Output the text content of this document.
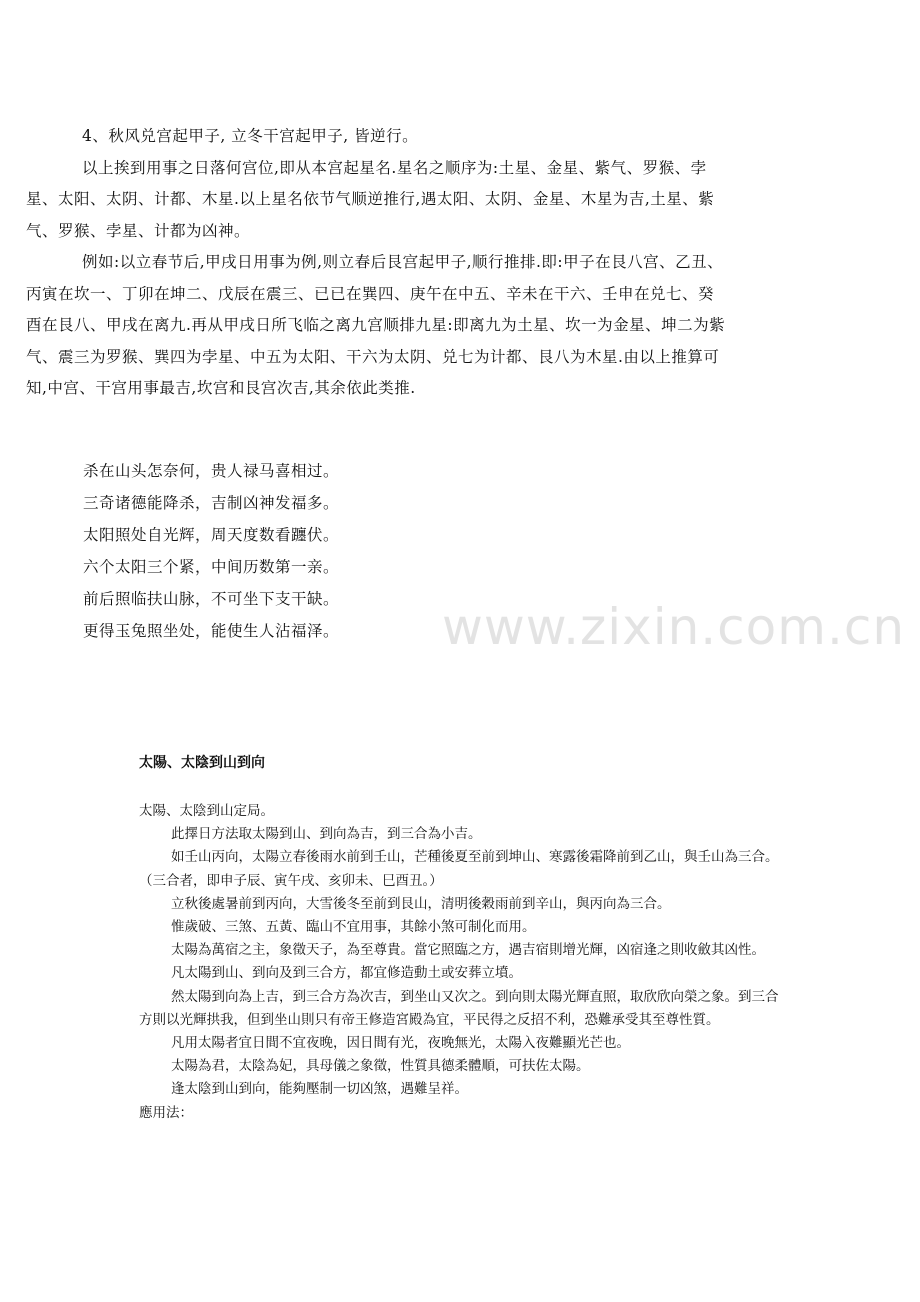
4、秋风兑宫起甲子, 立冬干宫起甲子, 皆逆行。

以上挨到用事之日落何宫位,即从本宫起星名.星名之顺序为:土星、金星、紫气、罗猴、孛星、太阳、太阴、计都、木星.以上星名依节气顺逆推行,遇太阳、太阴、金星、木星为吉,土星、紫气、罗猴、孛星、计都为凶神。

例如:以立春节后,甲戌日用事为例,则立春后艮宫起甲子,顺行推排.即:甲子在艮八宫、乙丑、丙寅在坎一、丁卯在坤二、戊辰在震三、已已在巽四、庚午在中五、辛未在干六、壬申在兑七、癸酉在艮八、甲戌在离九.再从甲戌日所飞临之离九宫顺排九星:即离九为土星、坎一为金星、坤二为紫气、震三为罗猴、巽四为孛星、中五为太阳、干六为太阴、兑七为计都、艮八为木星.由以上推算可知,中宫、干宫用事最吉,坎宫和艮宫次吉,其余依此类推.

杀在山头怎奈何，贵人禄马喜相过。

三奇诸德能降杀，吉制凶神发福多。

太阳照处自光辉，周天度数看躔伏。

六个太阳三个紧，中间历数第一亲。

前后照临扶山脉，不可坐下支干缺。

更得玉兔照坐处，能使生人沾福泽。 www.zixin.com.cn
太陽、太陰到山到向

太陽、太陰到山定局。

此擇日方法取太陽到山、到向為吉，到三合為小吉。

如壬山丙向，太陽立春後雨水前到壬山，芒種後夏至前到坤山、寒露後霜降前到乙山，與壬山為三合。（三合者，即申子辰、寅午戌、亥卯未、巳酉丑。）

立秋後處暑前到丙向，大雪後冬至前到艮山，清明後穀雨前到辛山，與丙向為三合。

惟歲破、三煞、五黃、臨山不宜用事，其餘小煞可制化而用。

太陽為萬宿之主，象徵天子，為至尊貴。當它照臨之方，遇吉宿則增光輝，凶宿逢之則收斂其凶性。

凡太陽到山、到向及到三合方，都宜修造動土或安葬立墳。

然太陽到向為上吉，到三合方為次吉，到坐山又次之。到向則太陽光輝直照，取欣欣向榮之象。到三合方則以光輝拱我，但到坐山則只有帝王修造宮殿為宜，平民得之反招不利，恐難承受其至尊性質。

凡用太陽者宜日間不宜夜晚，因日間有光，夜晚無光，太陽入夜難顯光芒也。

太陽為君，太陰為妃，具母儀之象徵，性質具德柔體順，可扶佐太陽。

逢太陰到山到向，能夠壓制一切凶煞，遇難呈祥。

應用法：
